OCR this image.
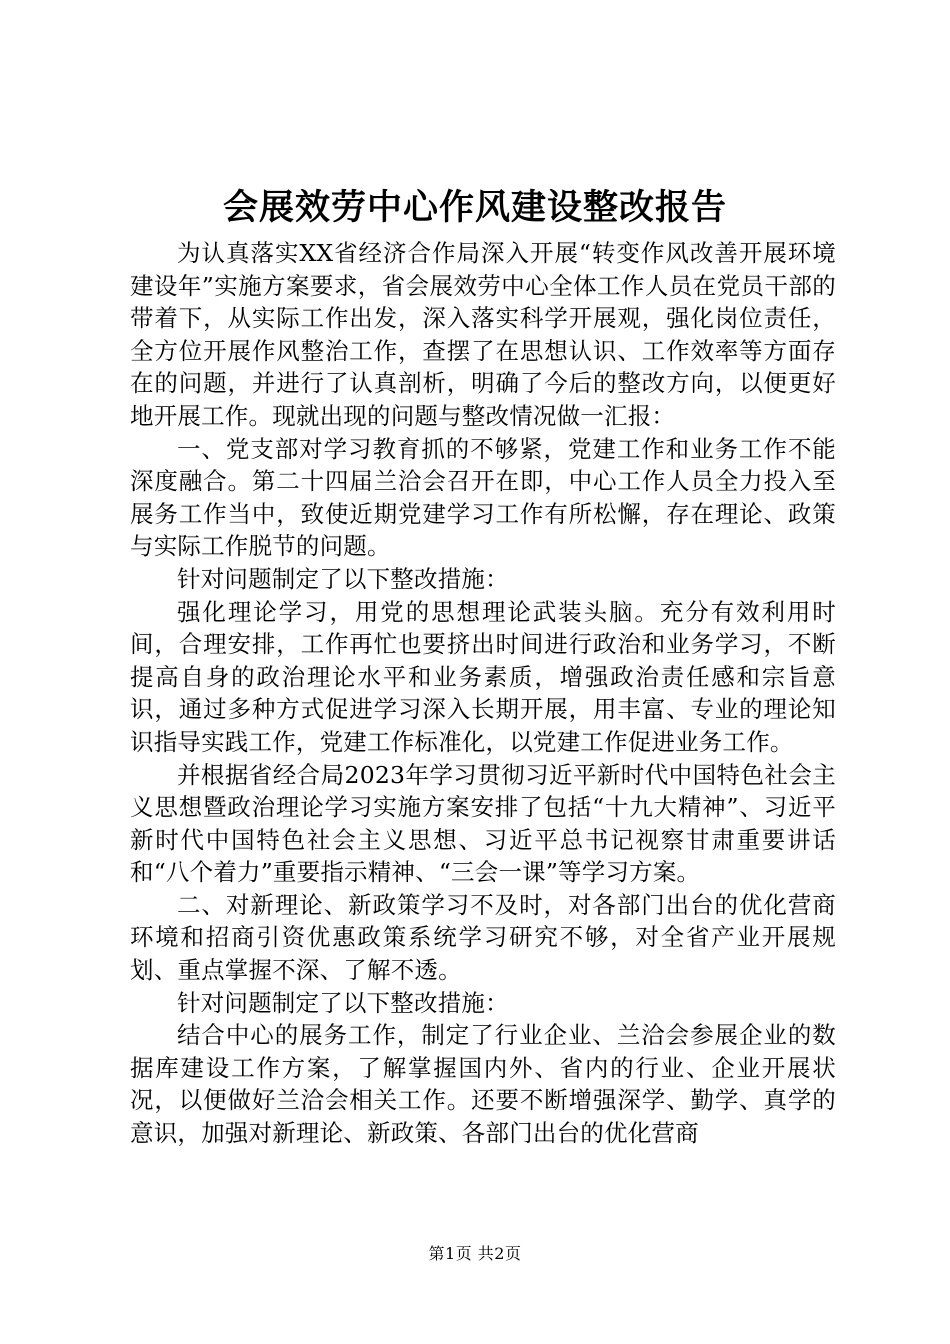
会展效劳中心作风建设整改报告

为认真落实XX省经济合作局深入开展“转变作风改善开展环境建设年”实施方案要求，省会展效劳中心全体工作人员在党员干部的带着下，从实际工作出发，深入落实科学开展观，强化岗位责任，全方位开展作风整治工作，查摆了在思想认识、工作效率等方面存在的问题，并进行了认真剖析，明确了今后的整改方向，以便更好地开展工作。现就出现的问题与整改情况做一汇报：

一、党支部对学习教育抓的不够紧，党建工作和业务工作不能深度融合。第二十四届兰洽会召开在即，中心工作人员全力投入至展务工作当中，致使近期党建学习工作有所松懈，存在理论、政策与实际工作脱节的问题。

针对问题制定了以下整改措施：

强化理论学习，用党的思想理论武装头脑。充分有效利用时间，合理安排，工作再忙也要挤出时间进行政治和业务学习，不断提高自身的政治理论水平和业务素质，增强政治责任感和宗旨意识，通过多种方式促进学习深入长期开展，用丰富、专业的理论知识指导实践工作，党建工作标准化，以党建工作促进业务工作。

并根据省经合局2023年学习贯彻习近平新时代中国特色社会主义思想暨政治理论学习实施方案安排了包括“十九大精神”、习近平新时代中国特色社会主义思想、习近平总书记视察甘肃重要讲话和“八个着力”重要指示精神、“三会一课”等学习方案。

二、对新理论、新政策学习不及时，对各部门出台的优化营商环境和招商引资优惠政策系统学习研究不够，对全省产业开展规划、重点掌握不深、了解不透。

针对问题制定了以下整改措施：

结合中心的展务工作，制定了行业企业、兰洽会参展企业的数据库建设工作方案，了解掌握国内外、省内的行业、企业开展状况，以便做好兰洽会相关工作。还要不断增强深学、勤学、真学的意识，加强对新理论、新政策、各部门出台的优化营商

第1页 共2页
